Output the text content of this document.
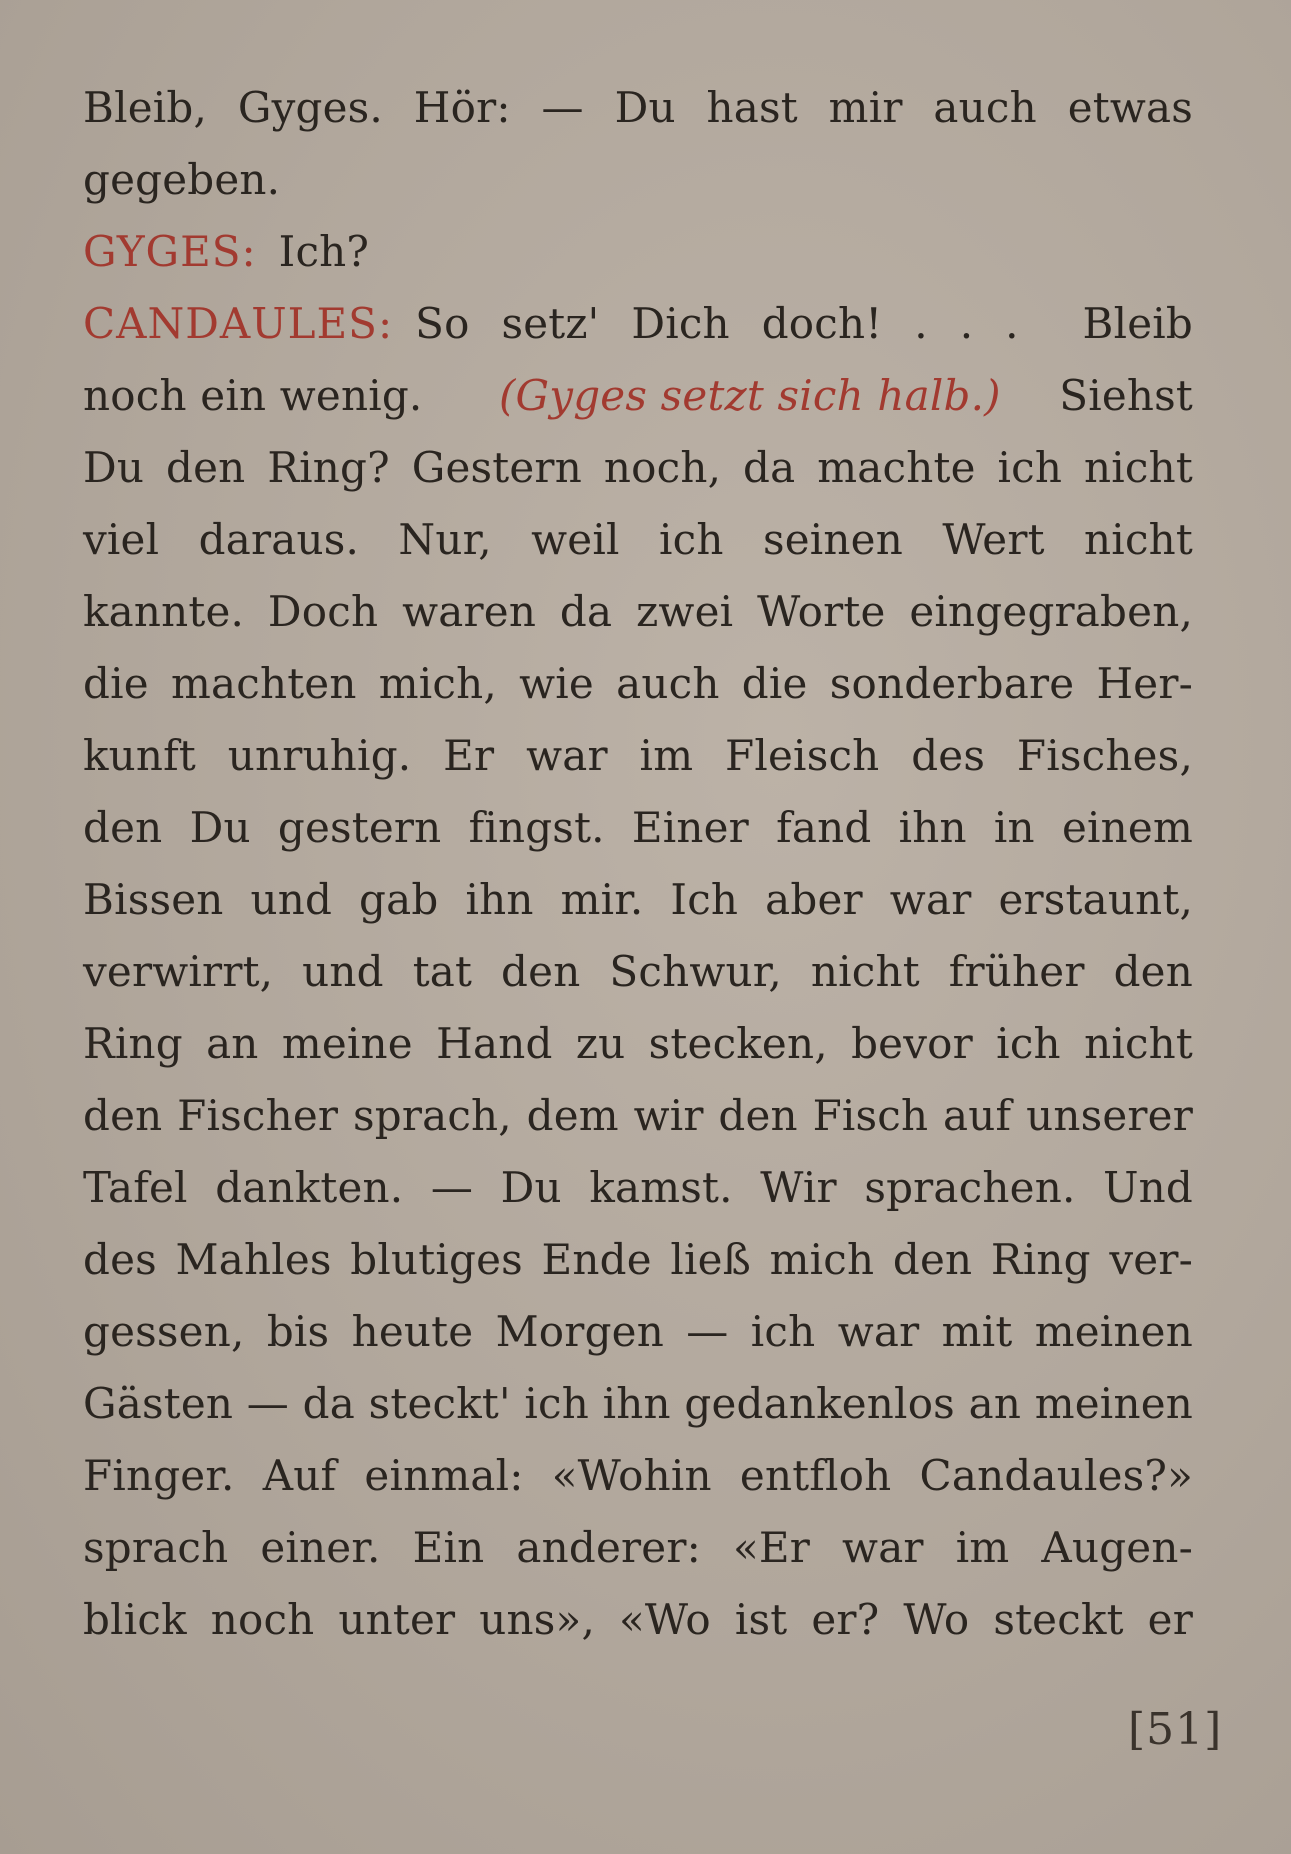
Bleib, Gyges. Hör: — Du hast mir auch etwas
gegeben.
GYGES: Ich?
CANDAULES: So setz' Dich doch! . . .  Bleib
noch ein wenig. (Gyges setzt sich halb.) Siehst
Du den Ring? Gestern noch, da machte ich nicht
viel daraus. Nur, weil ich seinen Wert nicht
kannte. Doch waren da zwei Worte eingegraben,
die machten mich, wie auch die sonderbare Her-
kunft unruhig. Er war im Fleisch des Fisches,
den Du gestern fingst. Einer fand ihn in einem
Bissen und gab ihn mir. Ich aber war erstaunt,
verwirrt, und tat den Schwur, nicht früher den
Ring an meine Hand zu stecken, bevor ich nicht
den Fischer sprach, dem wir den Fisch auf unserer
Tafel dankten. — Du kamst. Wir sprachen. Und
des Mahles blutiges Ende ließ mich den Ring ver-
gessen, bis heute Morgen — ich war mit meinen
Gästen — da steckt' ich ihn gedankenlos an meinen
Finger. Auf einmal: «Wohin entfloh Candaules?»
sprach einer. Ein anderer: «Er war im Augen-
blick noch unter uns», «Wo ist er? Wo steckt er
[51]
